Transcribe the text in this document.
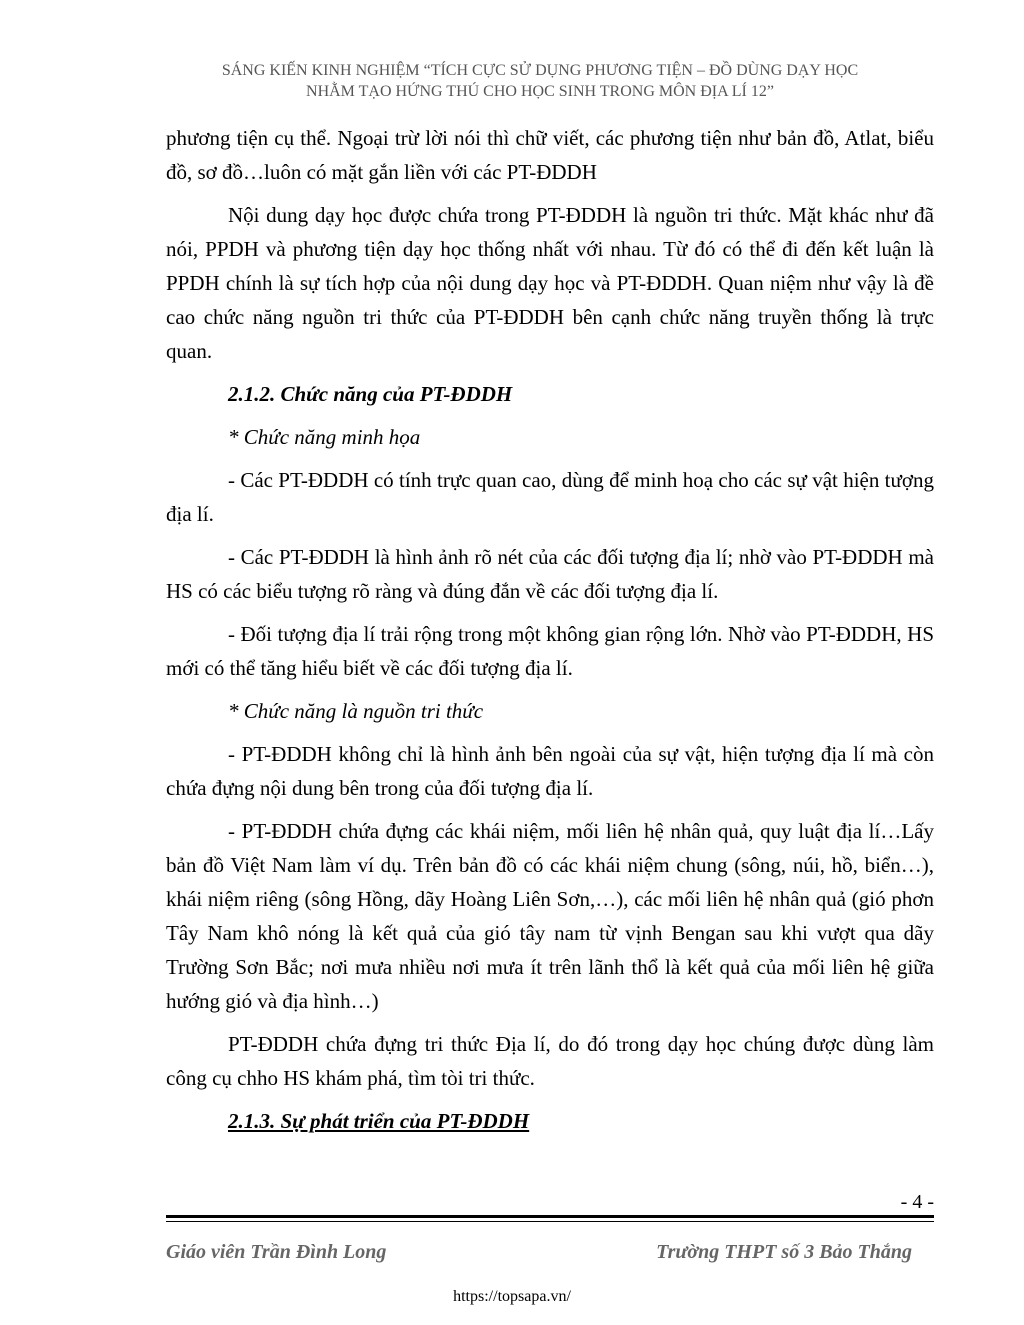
SÁNG KIẾN KINH NGHIỆM “TÍCH CỰC SỬ DỤNG PHƯƠNG TIỆN – ĐỒ DÙNG DẠY HỌC
NHẰM TẠO HỨNG THÚ CHO HỌC SINH TRONG MÔN ĐỊA LÍ 12”

phương tiện cụ thể. Ngoại trừ lời nói thì chữ viết, các phương tiện như bản đồ, Atlat, biểu đồ, sơ đồ…luôn có mặt gắn liền với các PT-ĐDDH

Nội dung dạy học được chứa trong PT-ĐDDH là nguồn tri thức. Mặt khác như đã nói, PPDH và phương tiện dạy học thống nhất với nhau. Từ đó có thể đi đến kết luận là PPDH chính là sự tích hợp của nội dung dạy học và PT-ĐDDH. Quan niệm như vậy là đề cao chức năng nguồn tri thức của PT-ĐDDH bên cạnh chức năng truyền thống là trực quan.

2.1.2. Chức năng của PT-ĐDDH

* Chức năng minh họa

- Các PT-ĐDDH có tính trực quan cao, dùng để minh hoạ cho các sự vật hiện tượng địa lí.

- Các PT-ĐDDH là hình ảnh rõ nét của các đối tượng địa lí; nhờ vào PT-ĐDDH mà HS có các biểu tượng rõ ràng và đúng đắn về các đối tượng địa lí.

- Đối tượng địa lí trải rộng trong một không gian rộng lớn. Nhờ vào PT-ĐDDH, HS mới có thể tăng hiểu biết về các đối tượng địa lí.

* Chức năng là nguồn tri thức

- PT-ĐDDH không chỉ là hình ảnh bên ngoài của sự vật, hiện tượng địa lí mà còn chứa đựng nội dung bên trong của đối tượng địa lí.

- PT-ĐDDH chứa đựng các khái niệm, mối liên hệ nhân quả, quy luật địa lí…Lấy bản đồ Việt Nam làm ví dụ. Trên bản đồ có các khái niệm chung (sông, núi, hồ, biển…), khái niệm riêng (sông Hồng, dãy Hoàng Liên Sơn,…), các mối liên hệ nhân quả (gió phơn Tây Nam khô nóng là kết quả của gió tây nam từ vịnh Bengan sau khi vượt qua dãy Trường Sơn Bắc; nơi mưa nhiều nơi mưa ít trên lãnh thổ là kết quả của mối liên hệ giữa hướng gió và địa hình…)

PT-ĐDDH chứa đựng tri thức Địa lí, do đó trong dạy học chúng được dùng làm công cụ chho HS khám phá, tìm tòi tri thức.

2.1.3. Sự phát triển của PT-ĐDDH

- 4 -
Giáo viên Trần Đình Long	Trường THPT số 3 Bảo Thắng
https://topsapa.vn/
